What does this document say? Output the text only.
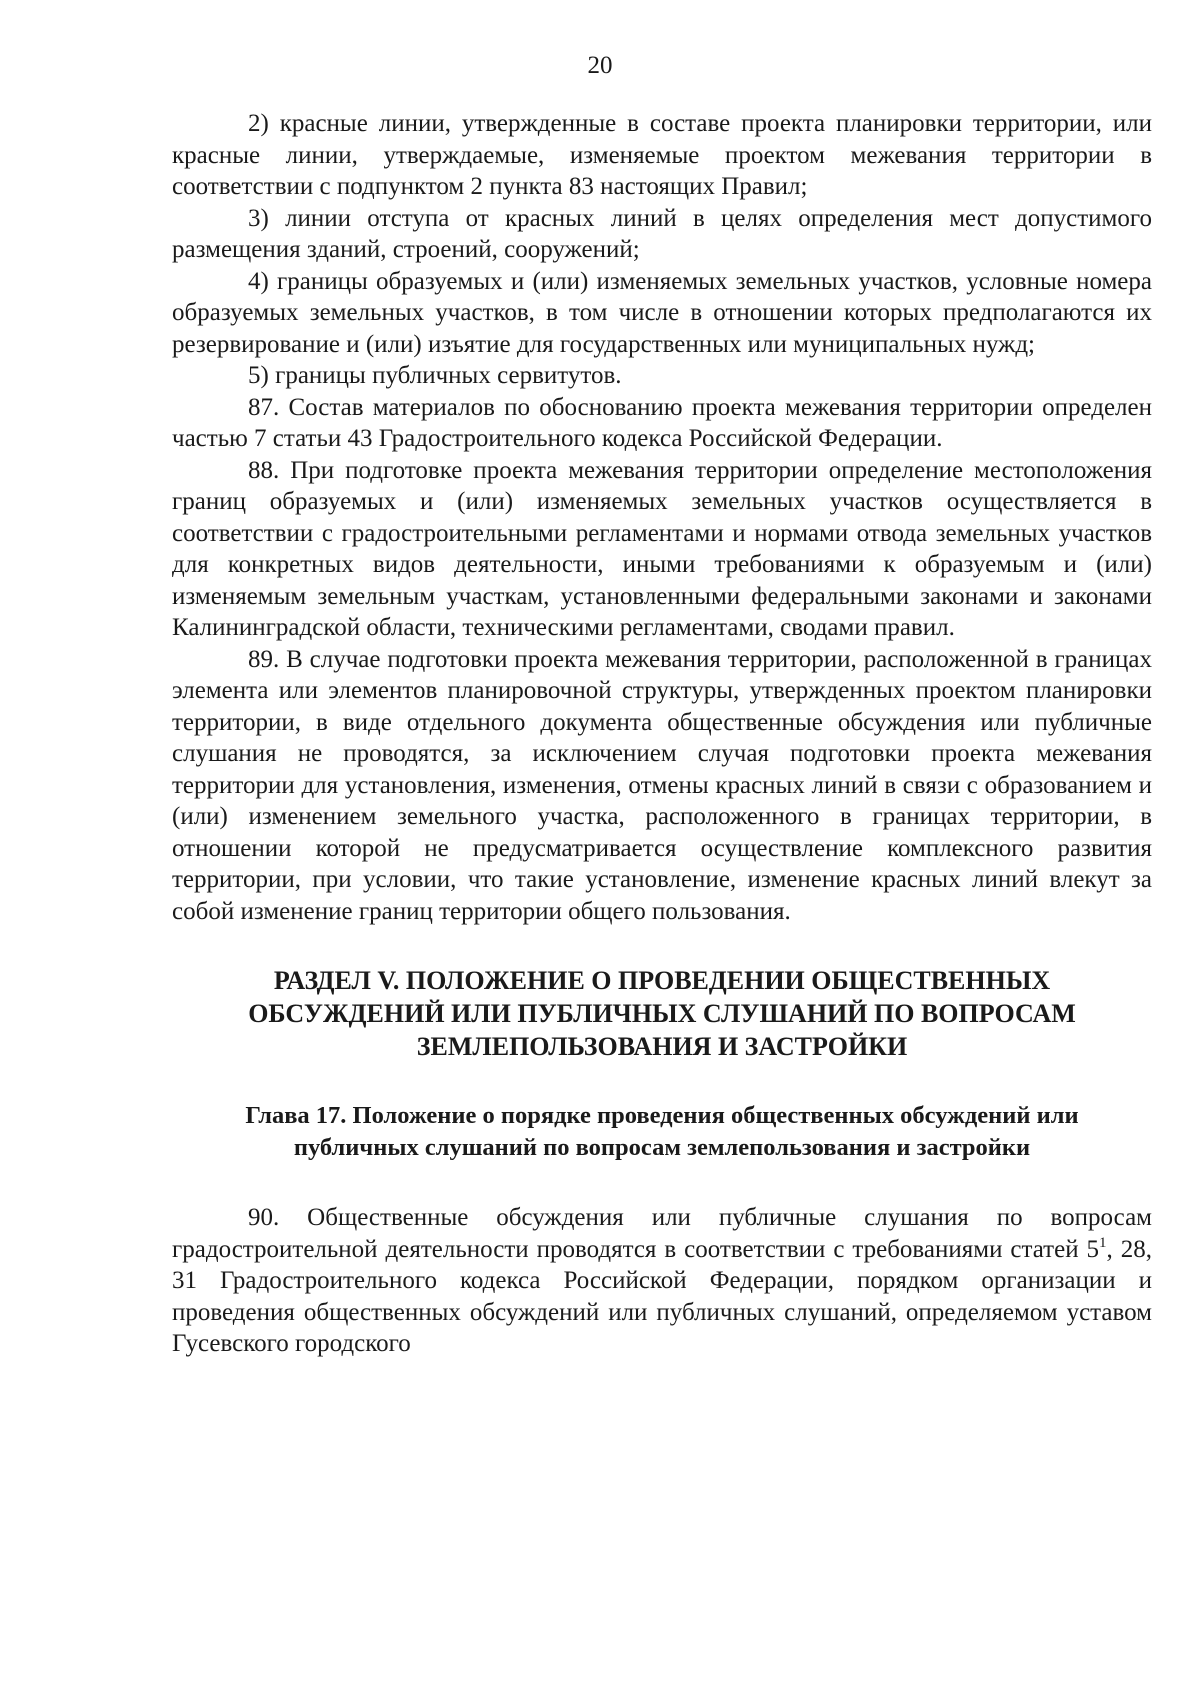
20

2) красные линии, утвержденные в составе проекта планировки территории, или красные линии, утверждаемые, изменяемые проектом межевания территории в соответствии с подпунктом 2 пункта 83 настоящих Правил;

3) линии отступа от красных линий в целях определения мест допустимого размещения зданий, строений, сооружений;

4) границы образуемых и (или) изменяемых земельных участков, условные номера образуемых земельных участков, в том числе в отношении которых предполагаются их резервирование и (или) изъятие для государственных или муниципальных нужд;

5) границы публичных сервитутов.

87. Состав материалов по обоснованию проекта межевания территории определен частью 7 статьи 43 Градостроительного кодекса Российской Федерации.

88. При подготовке проекта межевания территории определение местоположения границ образуемых и (или) изменяемых земельных участков осуществляется в соответствии с градостроительными регламентами и нормами отвода земельных участков для конкретных видов деятельности, иными требованиями к образуемым и (или) изменяемым земельным участкам, установленными федеральными законами и законами Калининградской области, техническими регламентами, сводами правил.

89. В случае подготовки проекта межевания территории, расположенной в границах элемента или элементов планировочной структуры, утвержденных проектом планировки территории, в виде отдельного документа общественные обсуждения или публичные слушания не проводятся, за исключением случая подготовки проекта межевания территории для установления, изменения, отмены красных линий в связи с образованием и (или) изменением земельного участка, расположенного в границах территории, в отношении которой не предусматривается осуществление комплексного развития территории, при условии, что такие установление, изменение красных линий влекут за собой изменение границ территории общего пользования.

РАЗДЕЛ V. ПОЛОЖЕНИЕ О ПРОВЕДЕНИИ ОБЩЕСТВЕННЫХ ОБСУЖДЕНИЙ ИЛИ ПУБЛИЧНЫХ СЛУШАНИЙ ПО ВОПРОСАМ ЗЕМЛЕПОЛЬЗОВАНИЯ И ЗАСТРОЙКИ
Глава 17. Положение о порядке проведения общественных обсуждений или публичных слушаний по вопросам землепользования и застройки

90. Общественные обсуждения или публичные слушания по вопросам градостроительной деятельности проводятся в соответствии с требованиями статей $5^1$, 28, 31 Градостроительного кодекса Российской Федерации, порядком организации и проведения общественных обсуждений или публичных слушаний, определяемом уставом Гусевского городского
